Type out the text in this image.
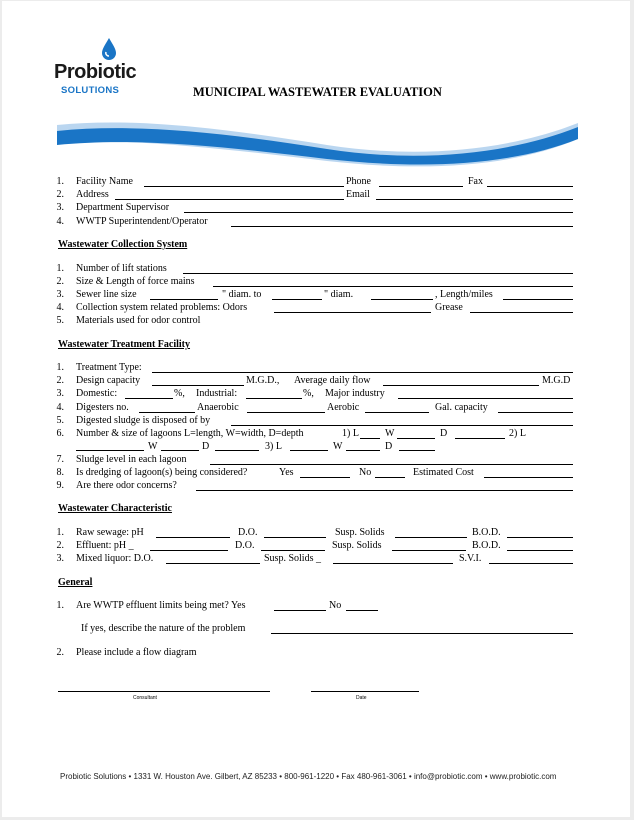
Probiotic
SOLUTIONS	MUNICIPAL WASTEWATER EVALUATION
1. Facility Name	Phone	Fax
2. Address	Email
3. Department Supervisor
4. WWTP Superintendent/Operator
Wastewater Collection System
1. Number of lift stations
2. Size & Length of force mains
3. Sewer line size	" diam. to	" diam.	, Length/miles
4. Collection system related problems: Odors	Grease
5. Materials used for odor control
Wastewater Treatment Facility
1. Treatment Type:
2. Design capacity	M.G.D., Average daily flow	M.G.D
3. Domestic:	%, Industrial:	%, Major industry
4. Digesters no.	Anaerobic	Aerobic	Gal. capacity
5. Digested sludge is disposed of by
6. Number & size of lagoons L=length, W=width, D=depth	1) L	W	D	2) L
W	D	3) L	W	D
7. Sludge level in each lagoon
8. Is dredging of lagoon(s) being considered?	Yes	No	Estimated Cost
9. Are there odor concerns?
Wastewater Characteristic
1. Raw sewage: pH	D.O.	Susp. Solids	B.O.D.
2. Effluent: pH _	D.O.	Susp. Solids	B.O.D.
3. Mixed liquor: D.O.	Susp. Solids _	S.V.I.
General
1. Are WWTP effluent limits being met? Yes	No
If yes, describe the nature of the problem
2. Please include a flow diagram
Consultant	Date
Probiotic Solutions • 1331 W. Houston Ave. Gilbert, AZ 85233 • 800-961-1220 • Fax 480-961-3061 • info@probiotic.com • www.probiotic.com
